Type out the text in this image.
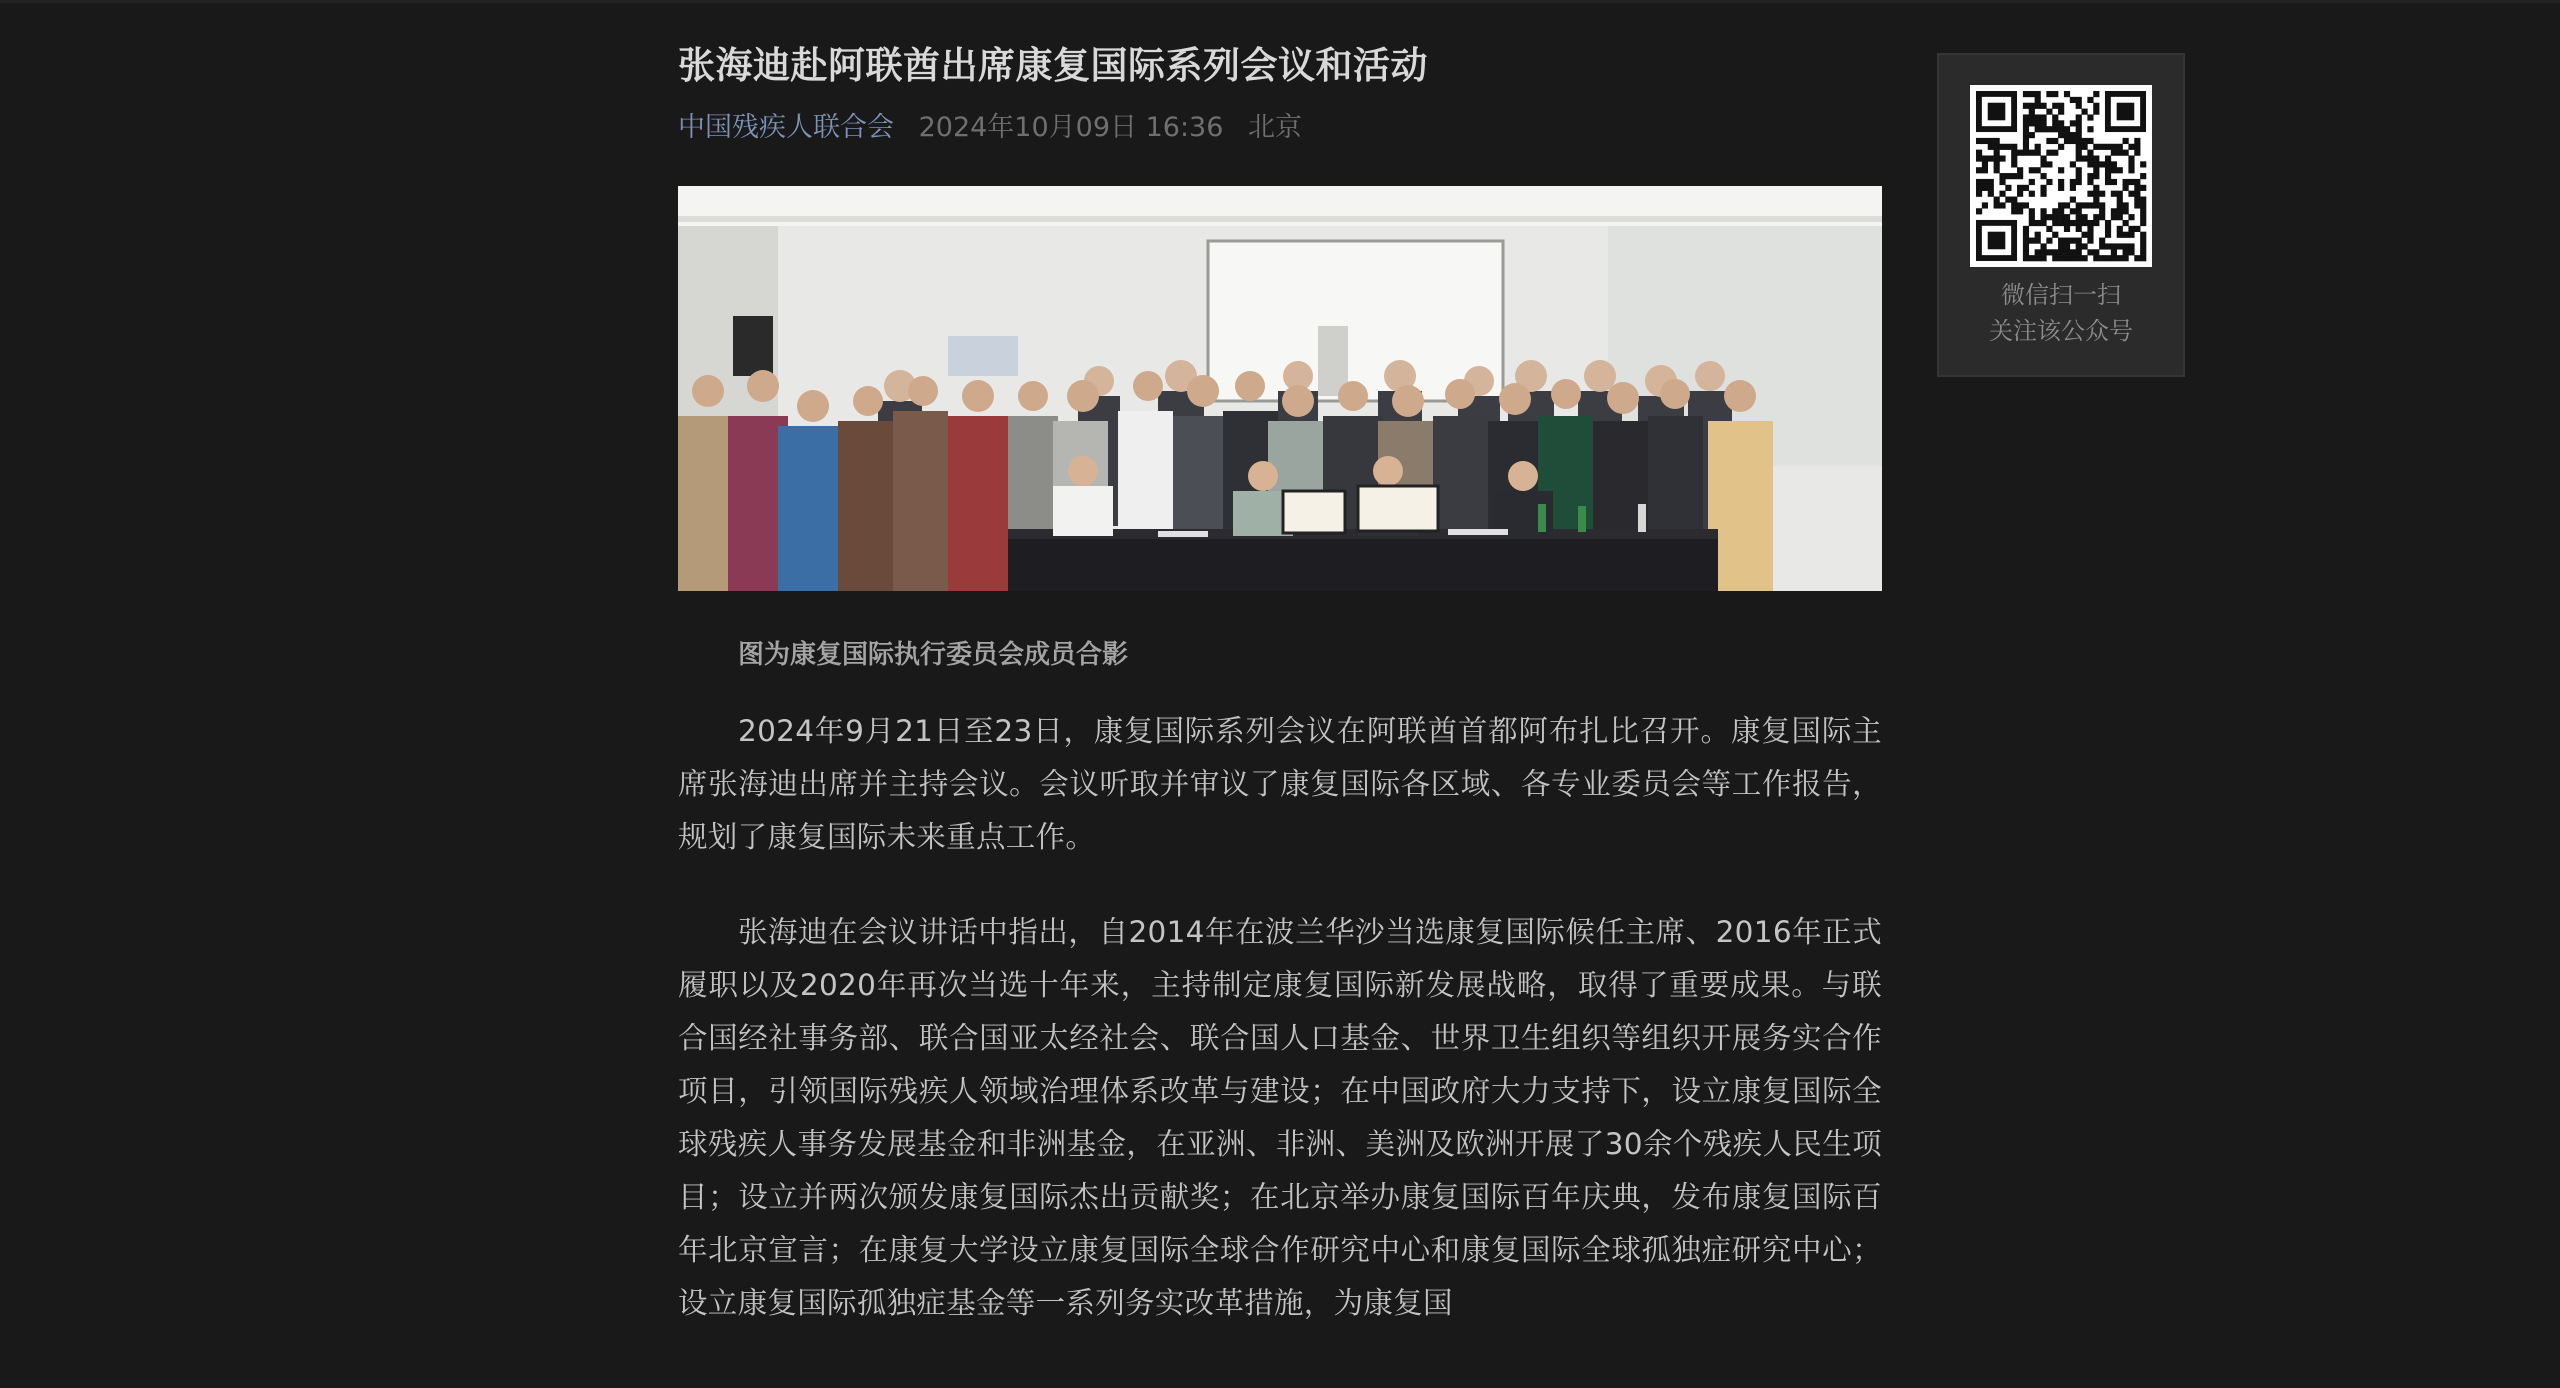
张海迪赴阿联酋出席康复国际系列会议和活动
中国残疾人联合会 2024年10月09日 16:36 北京
图为康复国际执行委员会成员合影

2024年9月21日至23日，康复国际系列会议在阿联酋首都阿布扎比召开。康复国际主席张海迪出席并主持会议。会议听取并审议了康复国际各区域、各专业委员会等工作报告，规划了康复国际未来重点工作。

张海迪在会议讲话中指出，自2014年在波兰华沙当选康复国际候任主席、2016年正式履职以及2020年再次当选十年来，主持制定康复国际新发展战略，取得了重要成果。与联合国经社事务部、联合国亚太经社会、联合国人口基金、世界卫生组织等组织开展务实合作项目，引领国际残疾人领域治理体系改革与建设；在中国政府大力支持下，设立康复国际全球残疾人事务发展基金和非洲基金，在亚洲、非洲、美洲及欧洲开展了30余个残疾人民生项目；设立并两次颁发康复国际杰出贡献奖；在北京举办康复国际百年庆典，发布康复国际百年北京宣言；在康复大学设立康复国际全球合作研究中心和康复国际全球孤独症研究中心；设立康复国际孤独症基金等一系列务实改革措施，为康复国

微信扫一扫
关注该公众号
